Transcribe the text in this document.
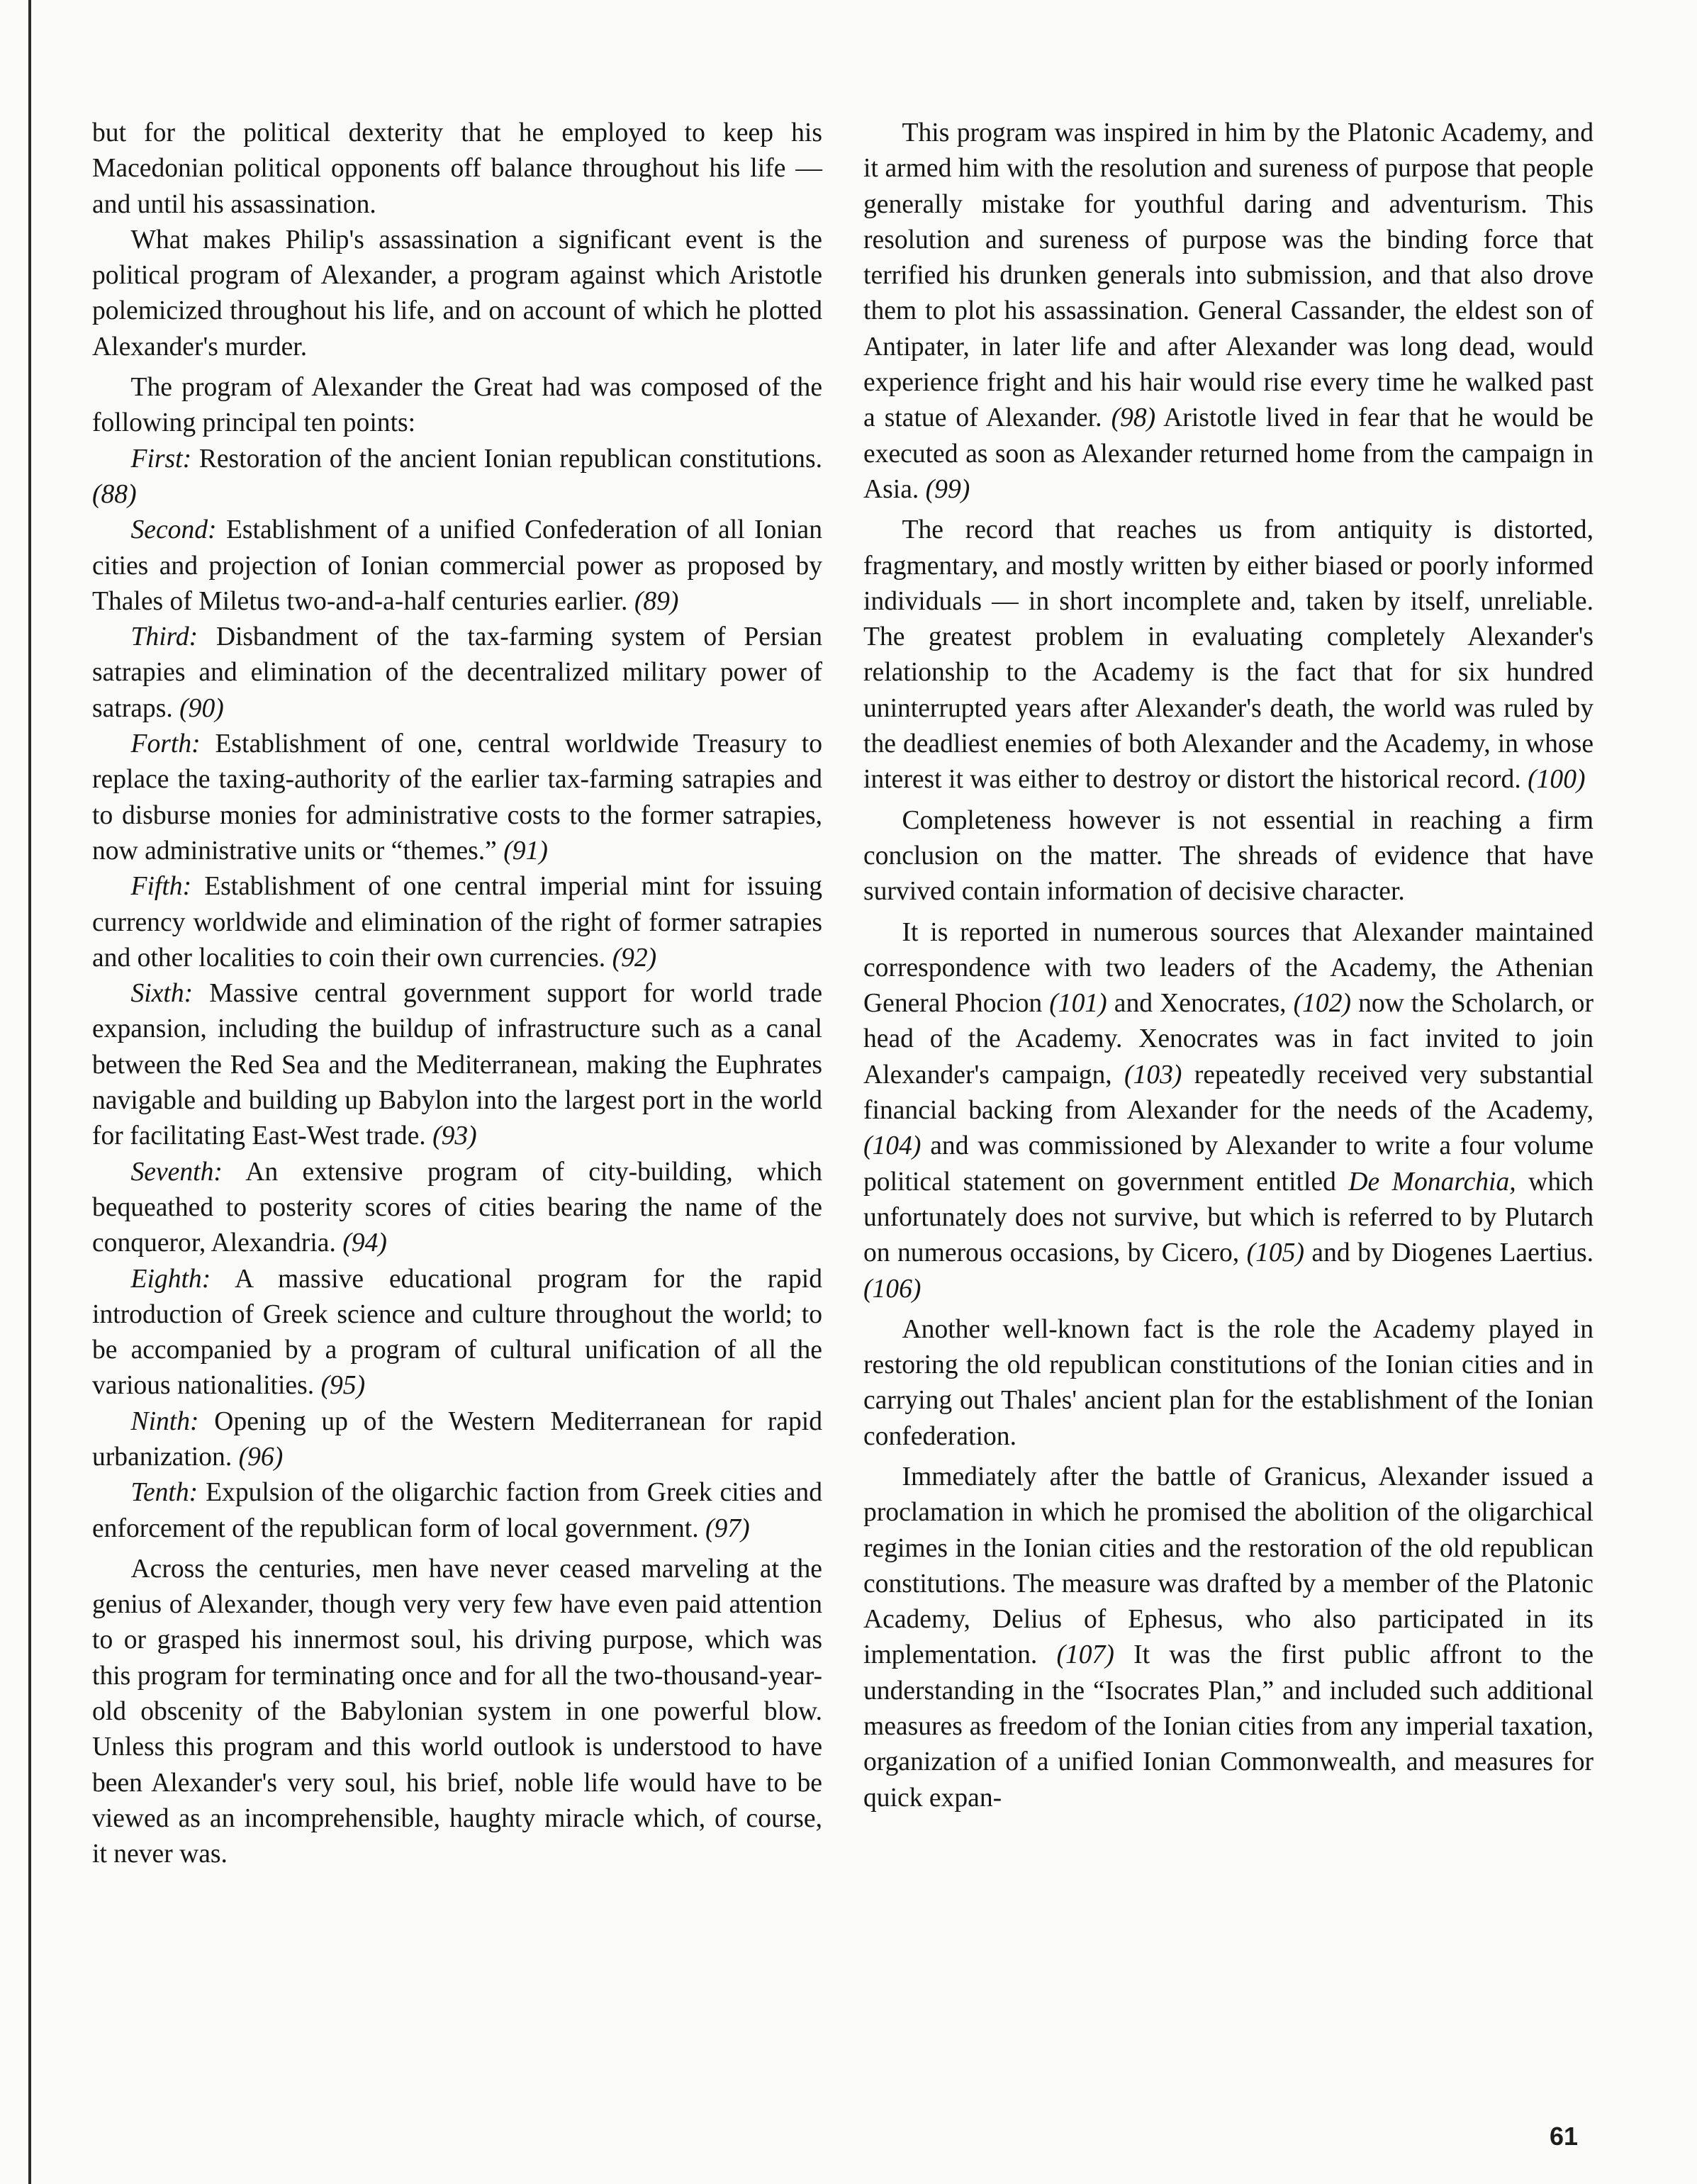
but for the political dexterity that he employed to keep his Macedonian political opponents off balance throughout his life — and until his assassination.

What makes Philip's assassination a significant event is the political program of Alexander, a program against which Aristotle polemicized throughout his life, and on account of which he plotted Alexander's murder.

The program of Alexander the Great had was composed of the following principal ten points:

First: Restoration of the ancient Ionian republican constitutions. (88)

Second: Establishment of a unified Confederation of all Ionian cities and projection of Ionian commercial power as proposed by Thales of Miletus two-and-a-half centuries earlier. (89)

Third: Disbandment of the tax-farming system of Persian satrapies and elimination of the decentralized military power of satraps. (90)

Forth: Establishment of one, central worldwide Treasury to replace the taxing-authority of the earlier tax-farming satrapies and to disburse monies for administrative costs to the former satrapies, now administrative units or “themes.” (91)

Fifth: Establishment of one central imperial mint for issuing currency worldwide and elimination of the right of former satrapies and other localities to coin their own currencies. (92)

Sixth: Massive central government support for world trade expansion, including the buildup of infrastructure such as a canal between the Red Sea and the Mediterranean, making the Euphrates navigable and building up Babylon into the largest port in the world for facilitating East-West trade. (93)

Seventh: An extensive program of city-building, which bequeathed to posterity scores of cities bearing the name of the conqueror, Alexandria. (94)

Eighth: A massive educational program for the rapid introduction of Greek science and culture throughout the world; to be accompanied by a program of cultural unification of all the various nationalities. (95)

Ninth: Opening up of the Western Mediterranean for rapid urbanization. (96)

Tenth: Expulsion of the oligarchic faction from Greek cities and enforcement of the republican form of local government. (97)

Across the centuries, men have never ceased marveling at the genius of Alexander, though very very few have even paid attention to or grasped his innermost soul, his driving purpose, which was this program for terminating once and for all the two-thousand-year-old obscenity of the Babylonian system in one powerful blow. Unless this program and this world outlook is understood to have been Alexander's very soul, his brief, noble life would have to be viewed as an incomprehensible, haughty miracle which, of course, it never was.

This program was inspired in him by the Platonic Academy, and it armed him with the resolution and sureness of purpose that people generally mistake for youthful daring and adventurism. This resolution and sureness of purpose was the binding force that terrified his drunken generals into submission, and that also drove them to plot his assassination. General Cassander, the eldest son of Antipater, in later life and after Alexander was long dead, would experience fright and his hair would rise every time he walked past a statue of Alexander. (98) Aristotle lived in fear that he would be executed as soon as Alexander returned home from the campaign in Asia. (99)

The record that reaches us from antiquity is distorted, fragmentary, and mostly written by either biased or poorly informed individuals — in short incomplete and, taken by itself, unreliable. The greatest problem in evaluating completely Alexander's relationship to the Academy is the fact that for six hundred uninterrupted years after Alexander's death, the world was ruled by the deadliest enemies of both Alexander and the Academy, in whose interest it was either to destroy or distort the historical record. (100)

Completeness however is not essential in reaching a firm conclusion on the matter. The shreads of evidence that have survived contain information of decisive character.

It is reported in numerous sources that Alexander maintained correspondence with two leaders of the Academy, the Athenian General Phocion (101) and Xenocrates, (102) now the Scholarch, or head of the Academy. Xenocrates was in fact invited to join Alexander's campaign, (103) repeatedly received very substantial financial backing from Alexander for the needs of the Academy, (104) and was commissioned by Alexander to write a four volume political statement on government entitled De Monarchia, which unfortunately does not survive, but which is referred to by Plutarch on numerous occasions, by Cicero, (105) and by Diogenes Laertius. (106)

Another well-known fact is the role the Academy played in restoring the old republican constitutions of the Ionian cities and in carrying out Thales' ancient plan for the establishment of the Ionian confederation.

Immediately after the battle of Granicus, Alexander issued a proclamation in which he promised the abolition of the oligarchical regimes in the Ionian cities and the restoration of the old republican constitutions. The measure was drafted by a member of the Platonic Academy, Delius of Ephesus, who also participated in its implementation. (107) It was the first public affront to the understanding in the “Isocrates Plan,” and included such additional measures as freedom of the Ionian cities from any imperial taxation, organization of a unified Ionian Commonwealth, and measures for quick expan-

61
